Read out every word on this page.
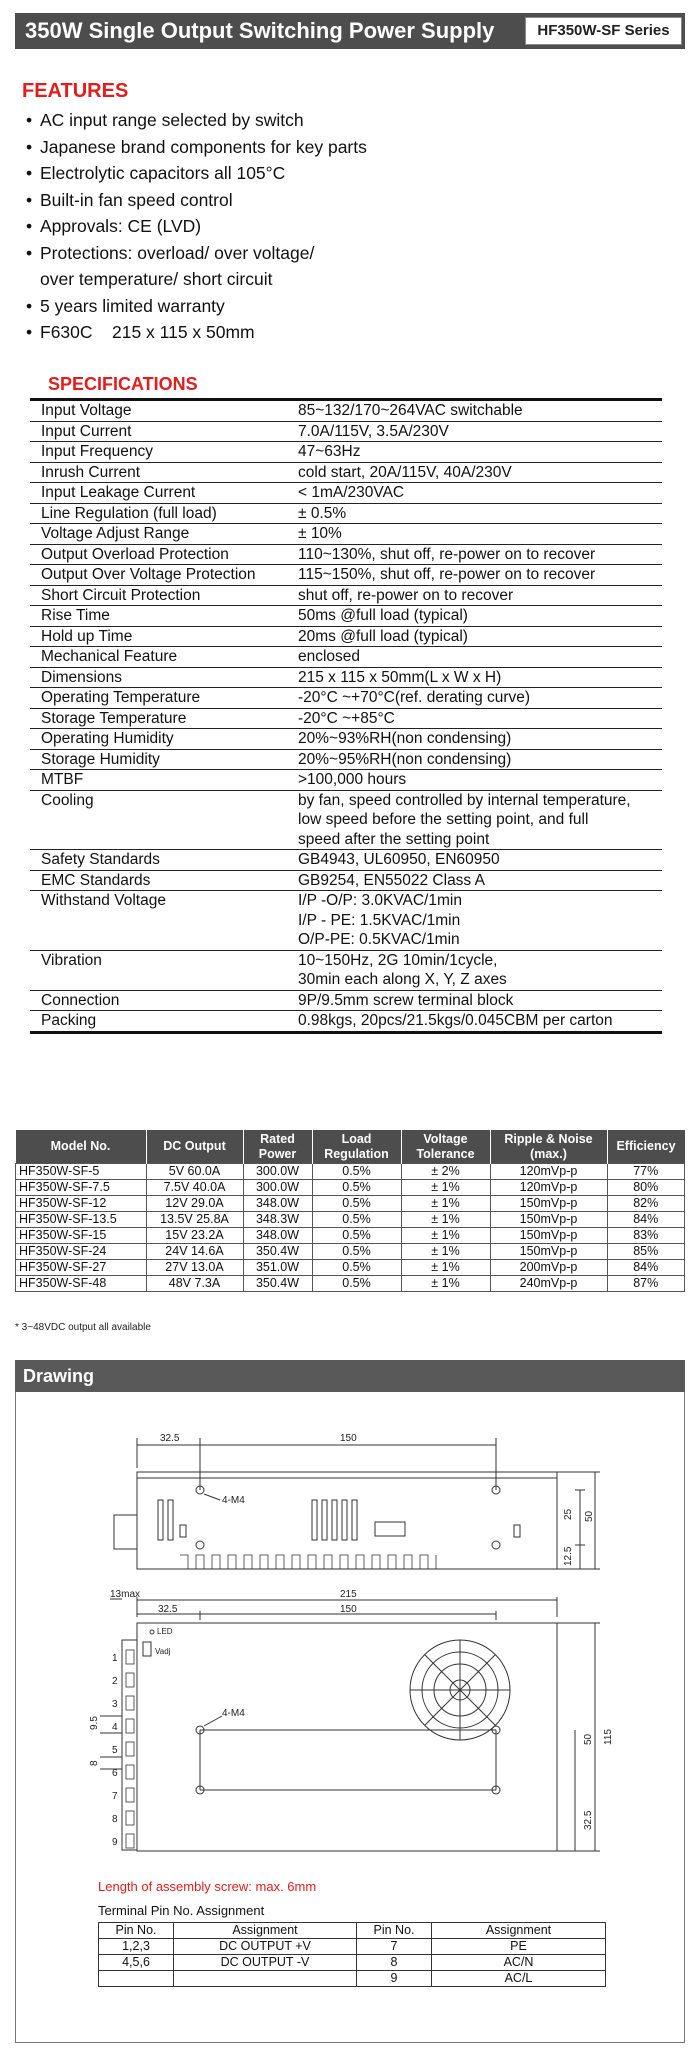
350W Single Output Switching Power Supply	HF350W-SF Series
FEATURES
• AC input range selected by switch
• Japanese brand components for key parts
• Electrolytic capacitors all 105°C
• Built-in fan speed control
• Approvals: CE (LVD)
• Protections: overload/ over voltage/
over temperature/ short circuit
• 5 years limited warranty
• F630C    215 x 115 x 50mm
SPECIFICATIONS
Input Voltage	85~132/170~264VAC switchable
Input Current	7.0A/115V, 3.5A/230V
Input Frequency	47~63Hz
Inrush Current	cold start, 20A/115V, 40A/230V
Input Leakage Current	< 1mA/230VAC
Line Regulation (full load)	± 0.5%
Voltage Adjust Range	± 10%
Output Overload Protection	110~130%, shut off, re-power on to recover
Output Over Voltage Protection	115~150%, shut off, re-power on to recover
Short Circuit Protection	shut off, re-power on to recover
Rise Time	50ms @full load (typical)
Hold up Time	20ms @full load (typical)
Mechanical Feature	enclosed
Dimensions	215 x 115 x 50mm(L x W x H)
Operating Temperature	-20°C ~+70°C(ref. derating curve)
Storage Temperature	-20°C ~+85°C
Operating Humidity	20%~93%RH(non condensing)
Storage Humidity	20%~95%RH(non condensing)
MTBF	>100,000 hours
Cooling	by fan, speed controlled by internal temperature,
low speed before the setting point, and full
speed after the setting point
Safety Standards	GB4943, UL60950, EN60950
EMC Standards	GB9254, EN55022 Class A
Withstand Voltage	I/P -O/P: 3.0KVAC/1min
I/P - PE: 1.5KVAC/1min
O/P-PE: 0.5KVAC/1min
Vibration	10~150Hz, 2G 10min/1cycle,
30min each along X, Y, Z axes
Connection	9P/9.5mm screw terminal block
Packing	0.98kgs, 20pcs/21.5kgs/0.045CBM per carton
Model No.	DC Output	Rated Power	Load Regulation	Voltage Tolerance	Ripple & Noise (max.)	Efficiency
HF350W-SF-5	5V 60.0A	300.0W	0.5%	± 2%	120mVp-p	77%
HF350W-SF-7.5	7.5V 40.0A	300.0W	0.5%	± 1%	120mVp-p	80%
HF350W-SF-12	12V 29.0A	348.0W	0.5%	± 1%	150mVp-p	82%
HF350W-SF-13.5	13.5V 25.8A	348.3W	0.5%	± 1%	150mVp-p	84%
HF350W-SF-15	15V 23.2A	348.0W	0.5%	± 1%	150mVp-p	83%
HF350W-SF-24	24V 14.6A	350.4W	0.5%	± 1%	150mVp-p	85%
HF350W-SF-27	27V 13.0A	351.0W	0.5%	± 1%	200mVp-p	84%
HF350W-SF-48	48V 7.3A	350.4W	0.5%	± 1%	240mVp-p	87%
* 3~48VDC output all available
Drawing
32.5	150
4-M4
25 50
12.5
13max
32.5	150
215
LED
Vadj
4-M4
9.5
8
50 115
32.5
1
2
3
4
5
6
7
8
9
Length of assembly screw: max. 6mm
Terminal Pin No. Assignment
Pin No.	Assignment	Pin No.	Assignment
1,2,3	DC OUTPUT +V	7	PE
4,5,6	DC OUTPUT -V	8	AC/N
		9	AC/L
